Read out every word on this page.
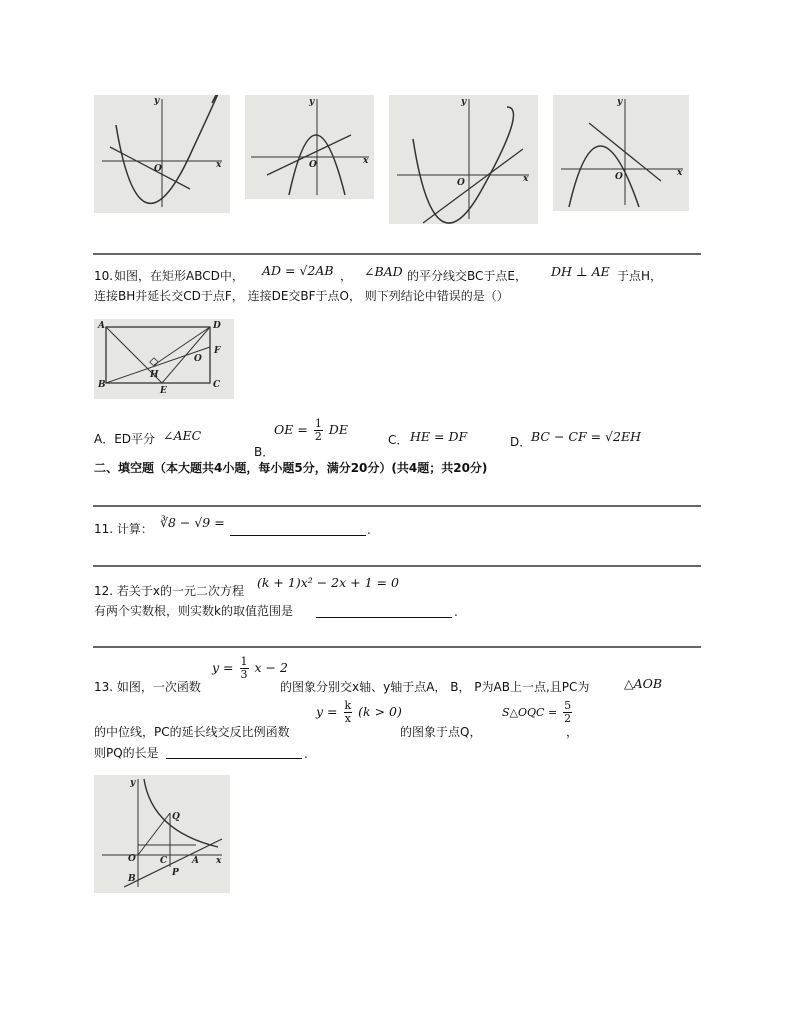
x
y
O
x
y
O
x
y
O
x
y
O
10. 如图，在矩形ABCD中， AD = √2AB ， ∠BAD 的平分线交BC于点E， DH ⊥ AE 于点H，
连接BH并延长交CD于点F， 连接DE交BF于点O， 则下列结论中错误的是（）
A
B	C
D
E
F
H
O
A．ED平分 ∠AEC
B．
OE = $\frac{1}{2}$ DE
C． HE = DF	D． BC − CF = √2EH
二、填空题（本大题共4小题，每小题5分，满分20分）(共4题；共20分)
11. 计算： ∛8 − √9 =	.
12. 若关于x的一元二次方程
(k + 1)x² − 2x + 1 = 0
有两个实数根，则实数k的取值范围是	.
13. 如图，一次函数
$y = \frac{1}{3}$ x − 2
的图象分别交x轴、y轴于点A， B， P为AB上一点,且PC为	△AOB
的中位线，PC的延长线交反比例函数
$y = \frac{k}{x} (k > 0)$
的图象于点Q，
S△OQC = $\frac{5}{2}$
，
则PQ的长是	.
O	C	A x
y
Q
P
B
